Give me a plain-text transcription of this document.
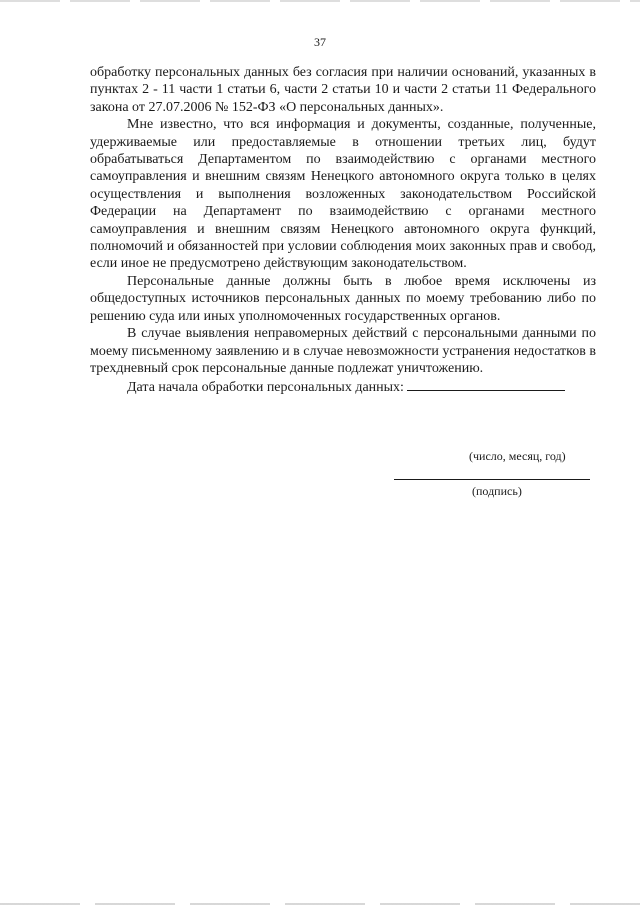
37

обработку персональных данных без согласия при наличии оснований, указанных в пунктах 2 - 11 части 1 статьи 6, части 2 статьи 10 и части 2 статьи 11 Федерального закона от 27.07.2006 № 152-ФЗ «О персональных данных».

Мне известно, что вся информация и документы, созданные, полученные, удерживаемые или предоставляемые в отношении третьих лиц, будут обрабатываться Департаментом по взаимодействию с органами местного самоуправления и внешним связям Ненецкого автономного округа только в целях осуществления и выполнения возложенных законодательством Российской Федерации на Департамент по взаимодействию с органами местного самоуправления и внешним связям Ненецкого автономного округа функций, полномочий и обязанностей при условии соблюдения моих законных прав и свобод, если иное не предусмотрено действующим законодательством.

Персональные данные должны быть в любое время исключены из общедоступных источников персональных данных по моему требованию либо по решению суда или иных уполномоченных государственных органов.

В случае выявления неправомерных действий с персональными данными по моему письменному заявлению и в случае невозможности устранения недостатков в трехдневный срок персональные данные подлежат уничтожению.

Дата начала обработки персональных данных:

(число, месяц, год)
(подпись)
